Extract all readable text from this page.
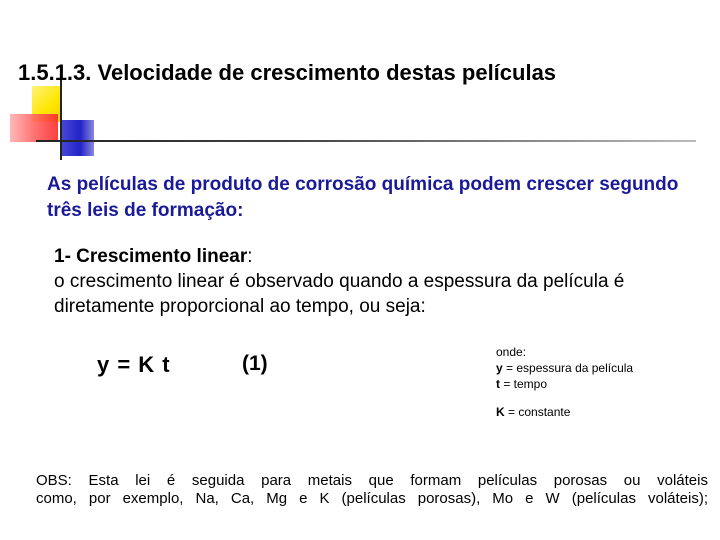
1.5.1.3. Velocidade de crescimento destas películas
As películas de produto de corrosão química podem crescer segundo três leis de formação:
1- Crescimento linear:
o crescimento linear é observado quando a espessura da película é diretamente proporcional ao tempo, ou seja:
y = K t	(1)	onde:
y = espessura da película
t = tempo
K = constante
OBS: Esta lei é seguida para metais que formam películas porosas ou voláteis
como, por exemplo, Na, Ca, Mg e K (películas porosas), Mo e W (películas voláteis);
